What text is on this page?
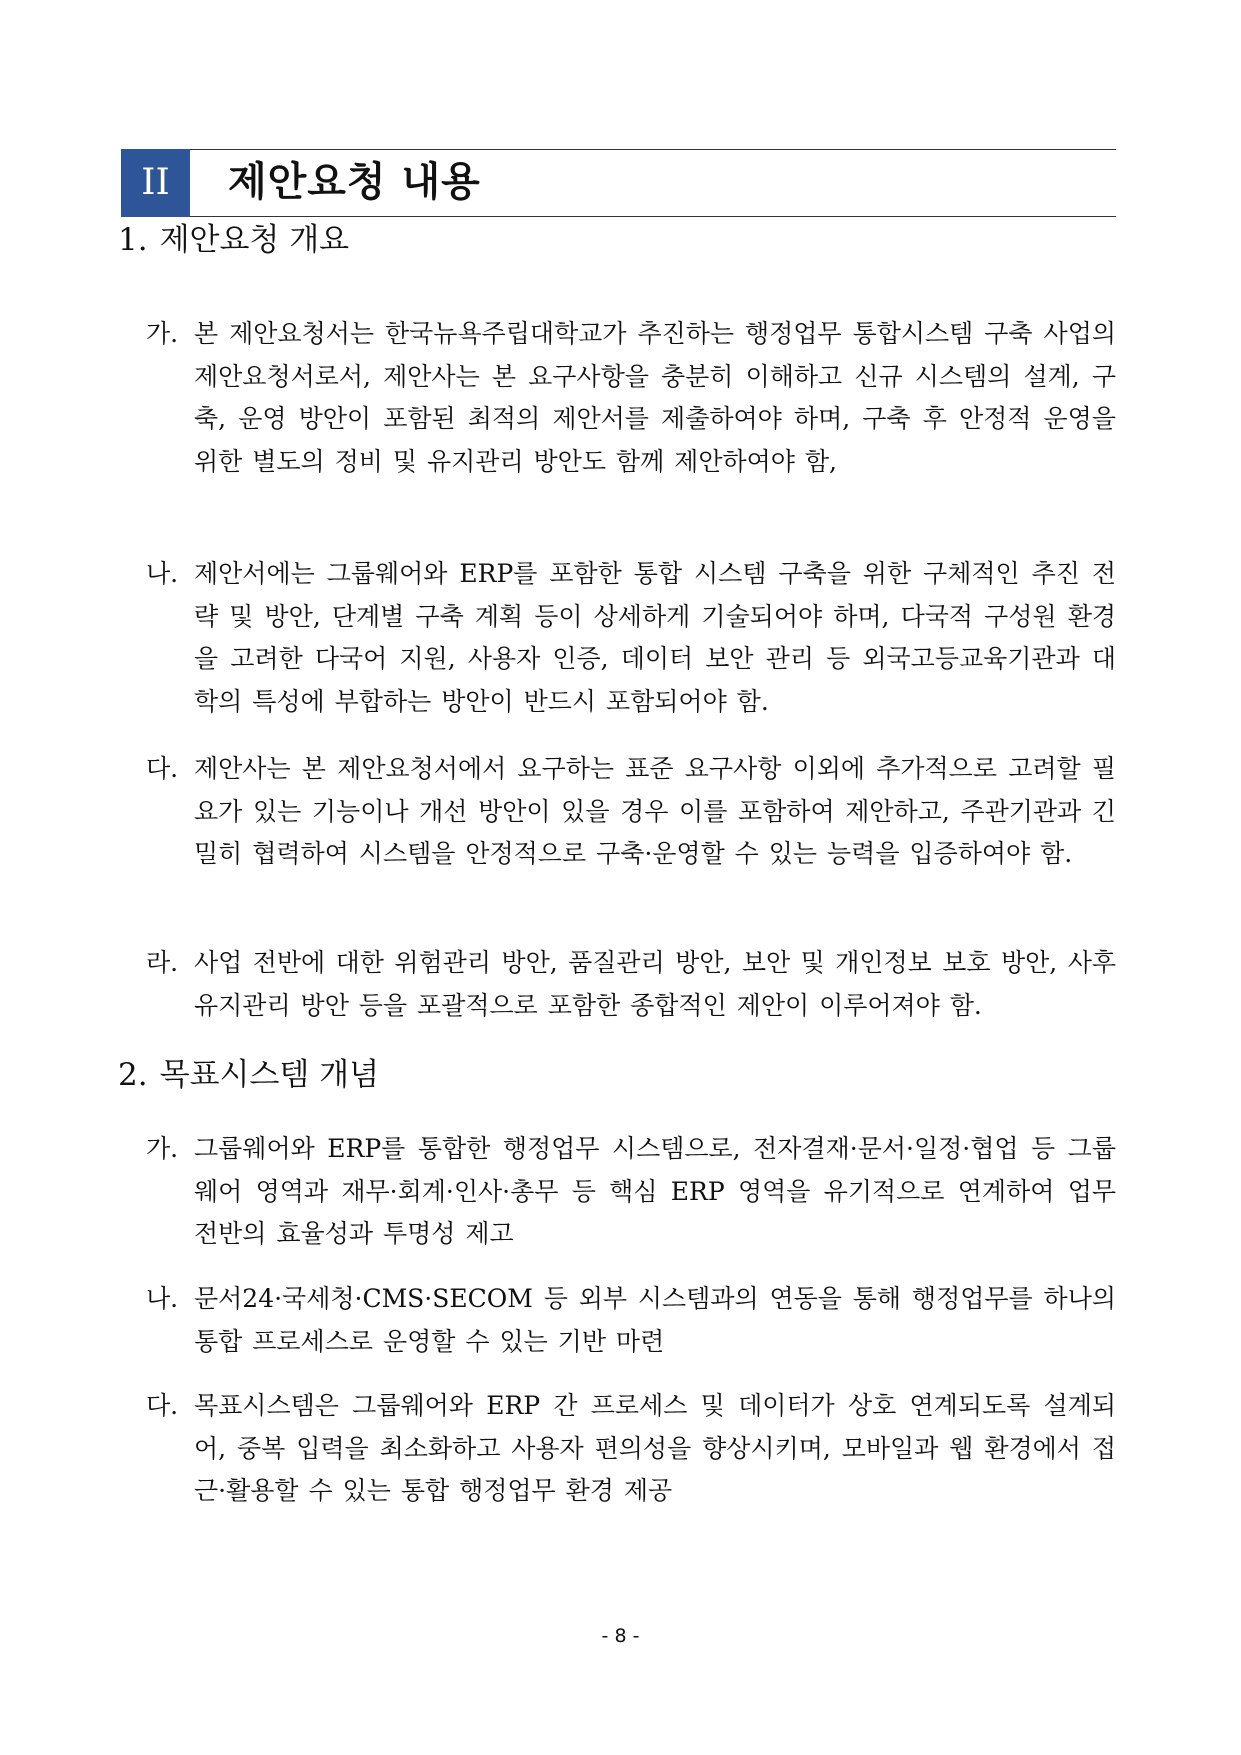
II	제안요청 내용
1. 제안요청 개요
가. 본 제안요청서는 한국뉴욕주립대학교가 추진하는 행정업무 통합시스템 구축 사업의 제안요청서로서, 제안사는 본 요구사항을 충분히 이해하고 신규 시스템의 설계, 구축, 운영 방안이 포함된 최적의 제안서를 제출하여야 하며, 구축 후 안정적 운영을 위한 별도의 정비 및 유지관리 방안도 함께 제안하여야 함,
나. 제안서에는 그룹웨어와 ERP를 포함한 통합 시스템 구축을 위한 구체적인 추진 전략 및 방안, 단계별 구축 계획 등이 상세하게 기술되어야 하며, 다국적 구성원 환경을 고려한 다국어 지원, 사용자 인증, 데이터 보안 관리 등 외국고등교육기관과 대학의 특성에 부합하는 방안이 반드시 포함되어야 함.
다. 제안사는 본 제안요청서에서 요구하는 표준 요구사항 이외에 추가적으로 고려할 필요가 있는 기능이나 개선 방안이 있을 경우 이를 포함하여 제안하고, 주관기관과 긴밀히 협력하여 시스템을 안정적으로 구축·운영할 수 있는 능력을 입증하여야 함.
라. 사업 전반에 대한 위험관리 방안, 품질관리 방안, 보안 및 개인정보 보호 방안, 사후 유지관리 방안 등을 포괄적으로 포함한 종합적인 제안이 이루어져야 함.
2. 목표시스템 개념
가. 그룹웨어와 ERP를 통합한 행정업무 시스템으로, 전자결재·문서·일정·협업 등 그룹웨어 영역과 재무·회계·인사·총무 등 핵심 ERP 영역을 유기적으로 연계하여 업무 전반의 효율성과 투명성 제고
나. 문서24·국세청·CMS·SECOM 등 외부 시스템과의 연동을 통해 행정업무를 하나의 통합 프로세스로 운영할 수 있는 기반 마련
다. 목표시스템은 그룹웨어와 ERP 간 프로세스 및 데이터가 상호 연계되도록 설계되어, 중복 입력을 최소화하고 사용자 편의성을 향상시키며, 모바일과 웹 환경에서 접근·활용할 수 있는 통합 행정업무 환경 제공
- 8 -
